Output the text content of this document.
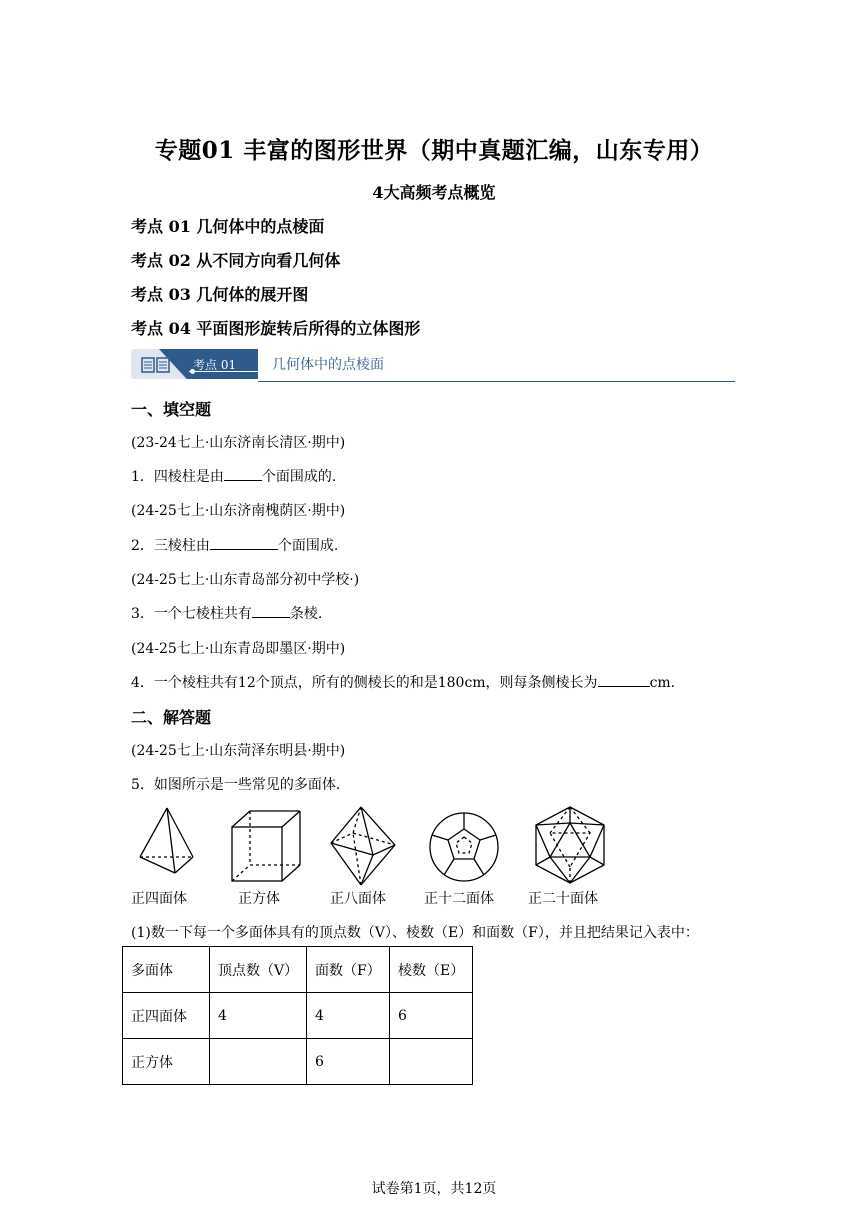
专题01 丰富的图形世界（期中真题汇编，山东专用）
4大高频考点概览
考点 01 几何体中的点棱面
考点 02 从不同方向看几何体
考点 03 几何体的展开图
考点 04 平面图形旋转后所得的立体图形
考点 01	几何体中的点棱面
一、填空题
(23-24七上·山东济南长清区·期中)
1．四棱柱是由	个面围成的.
(24-25七上·山东济南槐荫区·期中)
2．三棱柱由	个面围成.
(24-25七上·山东青岛部分初中学校·)
3．一个七棱柱共有	条棱.
(24-25七上·山东青岛即墨区·期中)
4．一个棱柱共有12个顶点，所有的侧棱长的和是180cm，则每条侧棱长为	cm.
二、解答题
(24-25七上·山东菏泽东明县·期中)
5．如图所示是一些常见的多面体.
正四面体	正方体	正八面体	正十二面体 正二十面体
(1)数一下每一个多面体具有的顶点数（V）、棱数（E）和面数（F），并且把结果记入表中：
多面体	顶点数（V）	面数（F）	棱数（E）
正四面体	4	4	6
正方体		6	
试卷第1页，共12页
